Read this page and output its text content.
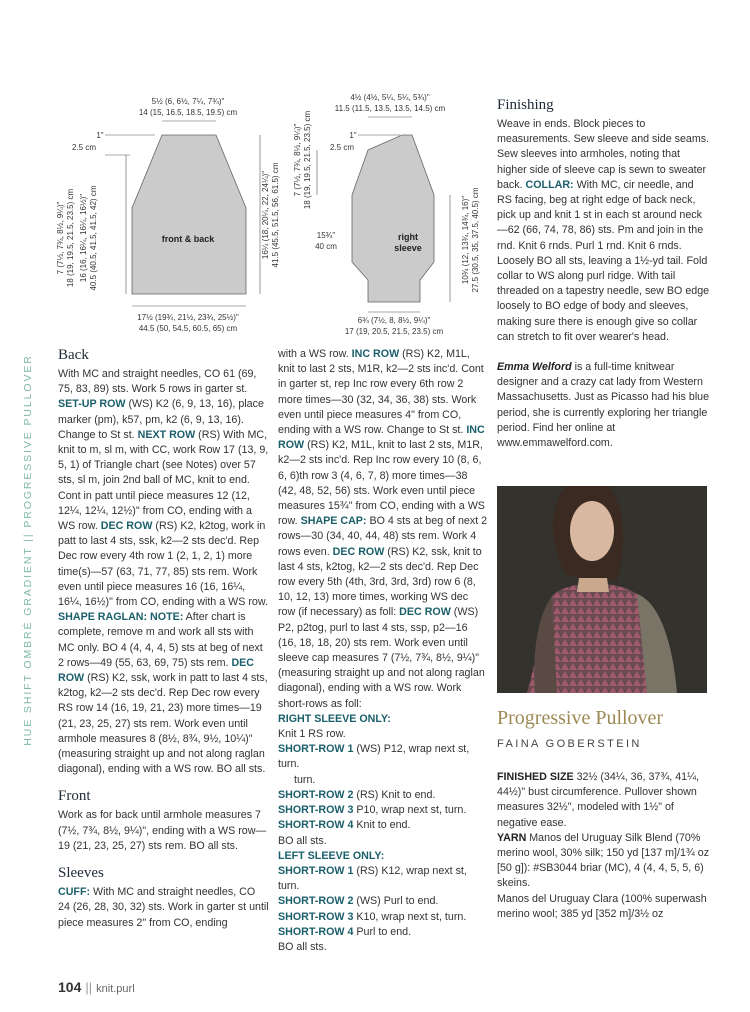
HUE SHIFT OMBRÉ GRADIENT || PROGRESSIVE PULLOVER
5½ (6, 6½, 7¼, 7¾)"
14 (15, 16.5, 18.5, 19.5) cm
1"
2.5 cm
front & back
7 (7½, 7¾, 8½, 9¼)" 18 (19, 19.5, 21.5, 23.5) cm 16 (16, 16¼, 16¼, 16½)" 40.5 (40.5, 41.5, 41.5, 42) cm	16¼ (18, 20¼, 22, 24¼)" 41.5 (45.5, 51.5, 56, 61.5) cm
17½ (19¾, 21½, 23¾, 25½)"
44.5 (50, 54.5, 60.5, 65) cm
4½ (4½, 5¼, 5¼, 5¾)"
11.5 (11.5, 13.5, 13.5, 14.5) cm
1"
2.5 cm
right
sleeve
7 (7½, 7¾, 8½, 9¼)" 18 (19, 19.5, 21.5, 23.5) cm
15¾"
40 cm	10¾ (12, 13¾, 14¾, 16)" 27.5 (30.5, 35, 37.5, 40.5) cm
6¾ (7½, 8, 8½, 9¼)"
17 (19, 20.5, 21.5, 23.5) cm
Back

With MC and straight needles, CO 61 (69, 75, 83, 89) sts. Work 5 rows in garter st. SET-UP ROW (WS) K2 (6, 9, 13, 16), place marker (pm), k57, pm, k2 (6, 9, 13, 16). Change to St st. NEXT ROW (RS) With MC, knit to m, sl m, with CC, work Row 17 (13, 9, 5, 1) of Triangle chart (see Notes) over 57 sts, sl m, join 2nd ball of MC, knit to end. Cont in patt until piece measures 12 (12, 12¼, 12¼, 12½)" from CO, ending with a WS row. DEC ROW (RS) K2, k2tog, work in patt to last 4 sts, ssk, k2—2 sts dec'd. Rep Dec row every 4th row 1 (2, 1, 2, 1) more time(s)—57 (63, 71, 77, 85) sts rem. Work even until piece measures 16 (16, 16¼, 16¼, 16½)" from CO, ending with a WS row. SHAPE RAGLAN: NOTE: After chart is complete, remove m and work all sts with MC only. BO 4 (4, 4, 4, 5) sts at beg of next 2 rows—49 (55, 63, 69, 75) sts rem. DEC ROW (RS) K2, ssk, work in patt to last 4 sts, k2tog, k2—2 sts dec'd. Rep Dec row every RS row 14 (16, 19, 21, 23) more times—19 (21, 23, 25, 27) sts rem. Work even until armhole measures 8 (8½, 8¾, 9½, 10¼)" (measuring straight up and not along raglan diagonal), ending with a WS row. BO all sts.

Front

Work as for back until armhole measures 7 (7½, 7¾, 8½, 9¼)", ending with a WS row—19 (21, 23, 25, 27) sts rem. BO all sts.

Sleeves

CUFF: With MC and straight needles, CO 24 (26, 28, 30, 32) sts. Work in garter st until piece measures 2" from CO, ending

with a WS row. INC ROW (RS) K2, M1L, knit to last 2 sts, M1R, k2—2 sts inc'd. Cont in garter st, rep Inc row every 6th row 2 more times—30 (32, 34, 36, 38) sts. Work even until piece measures 4" from CO, ending with a WS row. Change to St st. INC ROW (RS) K2, M1L, knit to last 2 sts, M1R, k2—2 sts inc'd. Rep Inc row every 10 (8, 6, 6, 6)th row 3 (4, 6, 7, 8) more times—38 (42, 48, 52, 56) sts. Work even until piece measures 15¾" from CO, ending with a WS row. SHAPE CAP: BO 4 sts at beg of next 2 rows—30 (34, 40, 44, 48) sts rem. Work 4 rows even. DEC ROW (RS) K2, ssk, knit to last 4 sts, k2tog, k2—2 sts dec'd. Rep Dec row every 5th (4th, 3rd, 3rd, 3rd) row 6 (8, 10, 12, 13) more times, working WS dec row (if necessary) as foll: DEC ROW (WS) P2, p2tog, purl to last 4 sts, ssp, p2—16 (16, 18, 18, 20) sts rem. Work even until sleeve cap measures 7 (7½, 7¾, 8½, 9¼)" (measuring straight up and not along raglan diagonal), ending with a WS row. Work short-rows as foll:

RIGHT SLEEVE ONLY:

Knit 1 RS row.

SHORT-ROW 1 (WS) P12, wrap next st, turn.

turn.

SHORT-ROW 2 (RS) Knit to end.

SHORT-ROW 3 P10, wrap next st, turn.

SHORT-ROW 4 Knit to end.

BO all sts.

LEFT SLEEVE ONLY:

SHORT-ROW 1 (RS) K12, wrap next st, turn.

SHORT-ROW 2 (WS) Purl to end.

SHORT-ROW 3 K10, wrap next st, turn.

SHORT-ROW 4 Purl to end.

BO all sts.

Finishing

Weave in ends. Block pieces to measurements. Sew sleeve and side seams. Sew sleeves into armholes, noting that higher side of sleeve cap is sewn to sweater back. COLLAR: With MC, cir needle, and RS facing, beg at right edge of back neck, pick up and knit 1 st in each st around neck—62 (66, 74, 78, 86) sts. Pm and join in the rnd. Knit 6 rnds. Purl 1 rnd. Knit 6 rnds. Loosely BO all sts, leaving a 1½-yd tail. Fold collar to WS along purl ridge. With tail threaded on a tapestry needle, sew BO edge loosely to BO edge of body and sleeves, making sure there is enough give so collar can stretch to fit over wearer's head.

Emma Welford is a full-time knitwear designer and a crazy cat lady from Western Massachusetts. Just as Picasso had his blue period, she is currently exploring her triangle period. Find her online at www.emmawelford.com.

Progressive Pullover
FAINA GOBERSTEIN

FINISHED SIZE 32½ (34¼, 36, 37¾, 41¼, 44½)" bust circumference. Pullover shown measures 32½", modeled with 1½" of negative ease.

YARN Manos del Uruguay Silk Blend (70% merino wool, 30% silk; 150 yd [137 m]/1¾ oz [50 g]): #SB3044 briar (MC), 4 (4, 4, 5, 5, 6) skeins.

Manos del Uruguay Clara (100% superwash merino wool; 385 yd [352 m]/3½ oz

104 || knit.purl
